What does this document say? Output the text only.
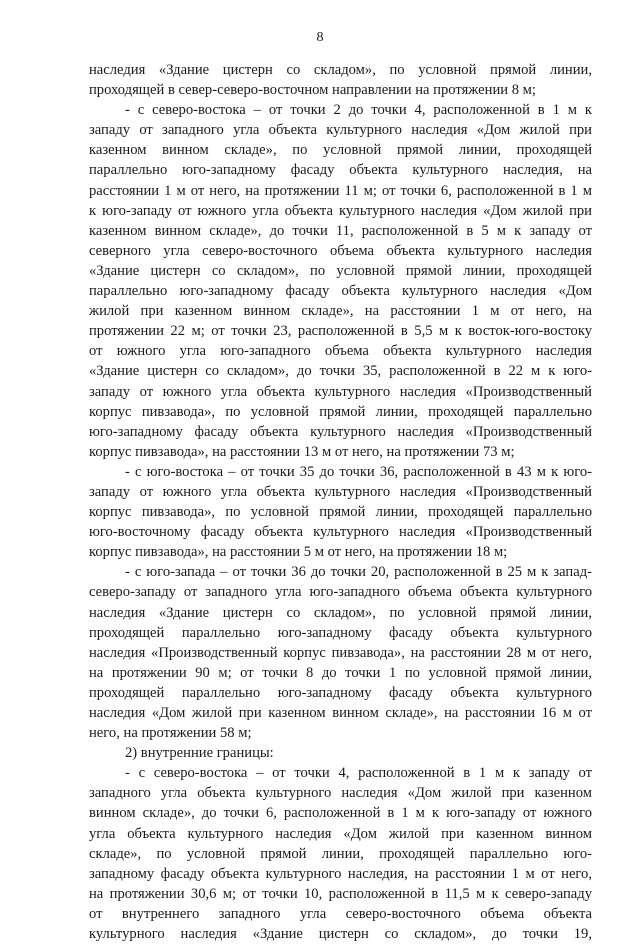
8
наследия «Здание цистерн со складом», по условной прямой линии,
проходящей в север-северо-восточном направлении на протяжении 8 м;
- с северо-востока – от точки 2 до точки 4, расположенной в 1 м к
западу от западного угла объекта культурного наследия «Дом жилой при
казенном винном складе», по условной прямой линии, проходящей
параллельно юго-западному фасаду объекта культурного наследия, на
расстоянии 1 м от него, на протяжении 11 м; от точки 6, расположенной в 1 м
к юго-западу от южного угла объекта культурного наследия «Дом жилой при
казенном винном складе», до точки 11, расположенной в 5 м к западу от
северного угла северо-восточного объема объекта культурного наследия
«Здание цистерн со складом», по условной прямой линии, проходящей
параллельно юго-западному фасаду объекта культурного наследия «Дом
жилой при казенном винном складе», на расстоянии 1 м от него, на
протяжении 22 м; от точки 23, расположенной в 5,5 м к восток-юго-востоку
от южного угла юго-западного объема объекта культурного наследия
«Здание цистерн со складом», до точки 35, расположенной в 22 м к юго-
западу от южного угла объекта культурного наследия «Производственный
корпус пивзавода», по условной прямой линии, проходящей параллельно
юго-западному фасаду объекта культурного наследия «Производственный
корпус пивзавода», на расстоянии 13 м от него, на протяжении 73 м;
- с юго-востока – от точки 35 до точки 36, расположенной в 43 м к юго-
западу от южного угла объекта культурного наследия «Производственный
корпус пивзавода», по условной прямой линии, проходящей параллельно
юго-восточному фасаду объекта культурного наследия «Производственный
корпус пивзавода», на расстоянии 5 м от него, на протяжении 18 м;
- с юго-запада – от точки 36 до точки 20, расположенной в 25 м к запад-
северо-западу от западного угла юго-западного объема объекта культурного
наследия «Здание цистерн со складом», по условной прямой линии,
проходящей параллельно юго-западному фасаду объекта культурного
наследия «Производственный корпус пивзавода», на расстоянии 28 м от него,
на протяжении 90 м; от точки 8 до точки 1 по условной прямой линии,
проходящей параллельно юго-западному фасаду объекта культурного
наследия «Дом жилой при казенном винном складе», на расстоянии 16 м от
него, на протяжении 58 м;
2) внутренние границы:
- с северо-востока – от точки 4, расположенной в 1 м к западу от
западного угла объекта культурного наследия «Дом жилой при казенном
винном складе», до точки 6, расположенной в 1 м к юго-западу от южного
угла объекта культурного наследия «Дом жилой при казенном винном
складе», по условной прямой линии, проходящей параллельно юго-
западному фасаду объекта культурного наследия, на расстоянии 1 м от него,
на протяжении 30,6 м; от точки 10, расположенной в 11,5 м к северо-западу
от внутреннего западного угла северо-восточного объема объекта
культурного наследия «Здание цистерн со складом», до точки 19,
